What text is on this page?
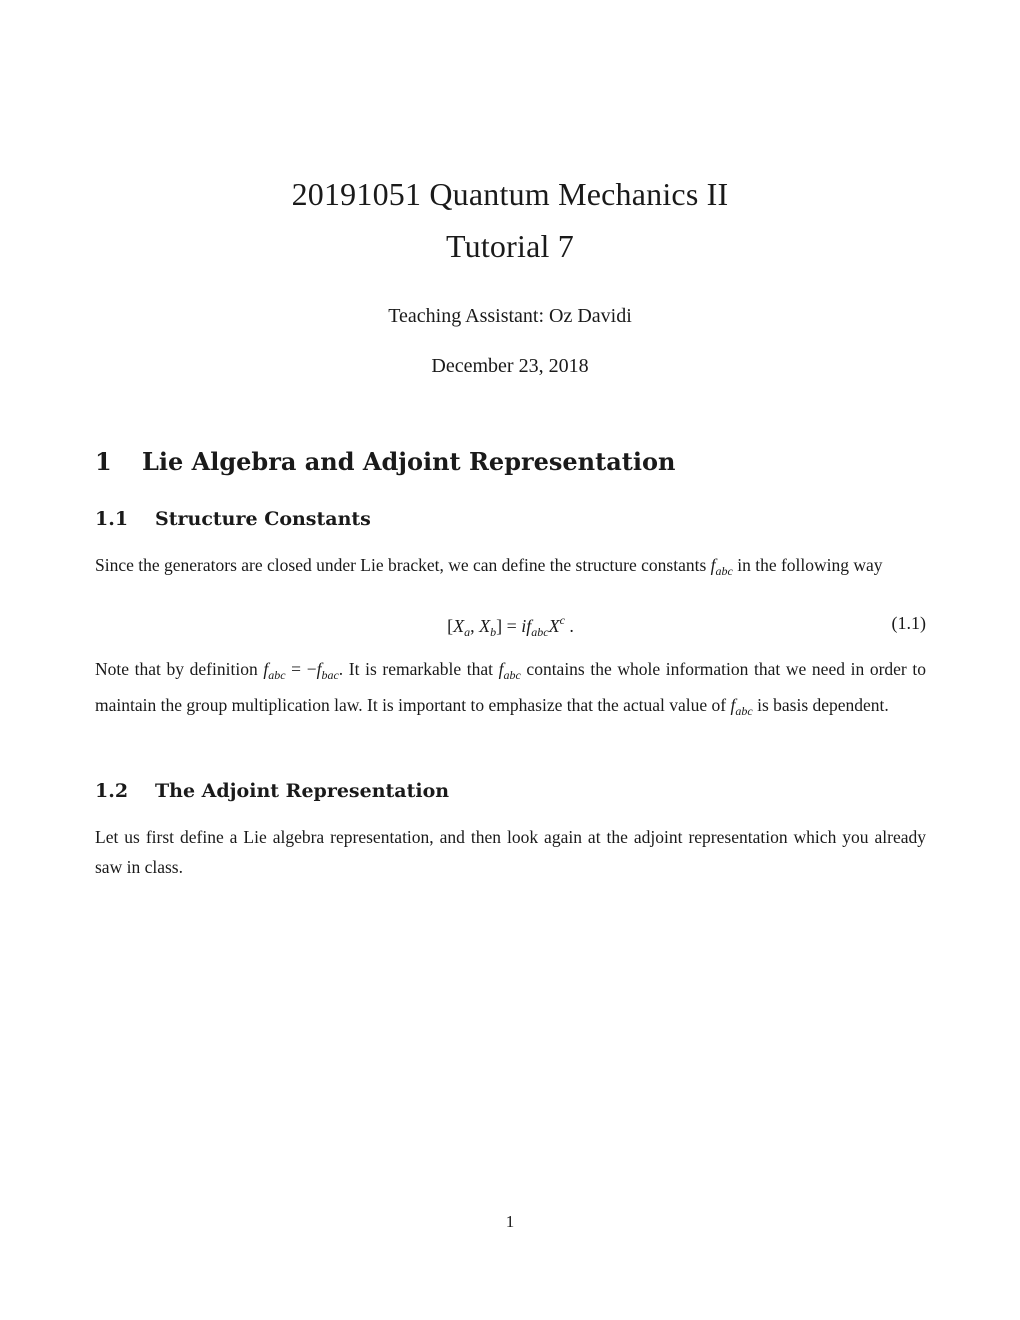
20191051 Quantum Mechanics II
Tutorial 7
Teaching Assistant: Oz Davidi
December 23, 2018
1 Lie Algebra and Adjoint Representation
1.1 Structure Constants
Since the generators are closed under Lie bracket, we can define the structure constants $f_{abc}$ in the following way
[$X_a$, $X_b] = if_{abc}X^c$ .	(1.1)
Note that by definition $f_{abc} = -f_{bac}$. It is remarkable that $f_{abc}$ contains the whole information that we need in order to maintain the group multiplication law. It is important to emphasize that the actual value of $f_{abc}$ is basis dependent.
1.2 The Adjoint Representation
Let us first define a Lie algebra representation, and then look again at the adjoint representation which you already saw in class.
1
